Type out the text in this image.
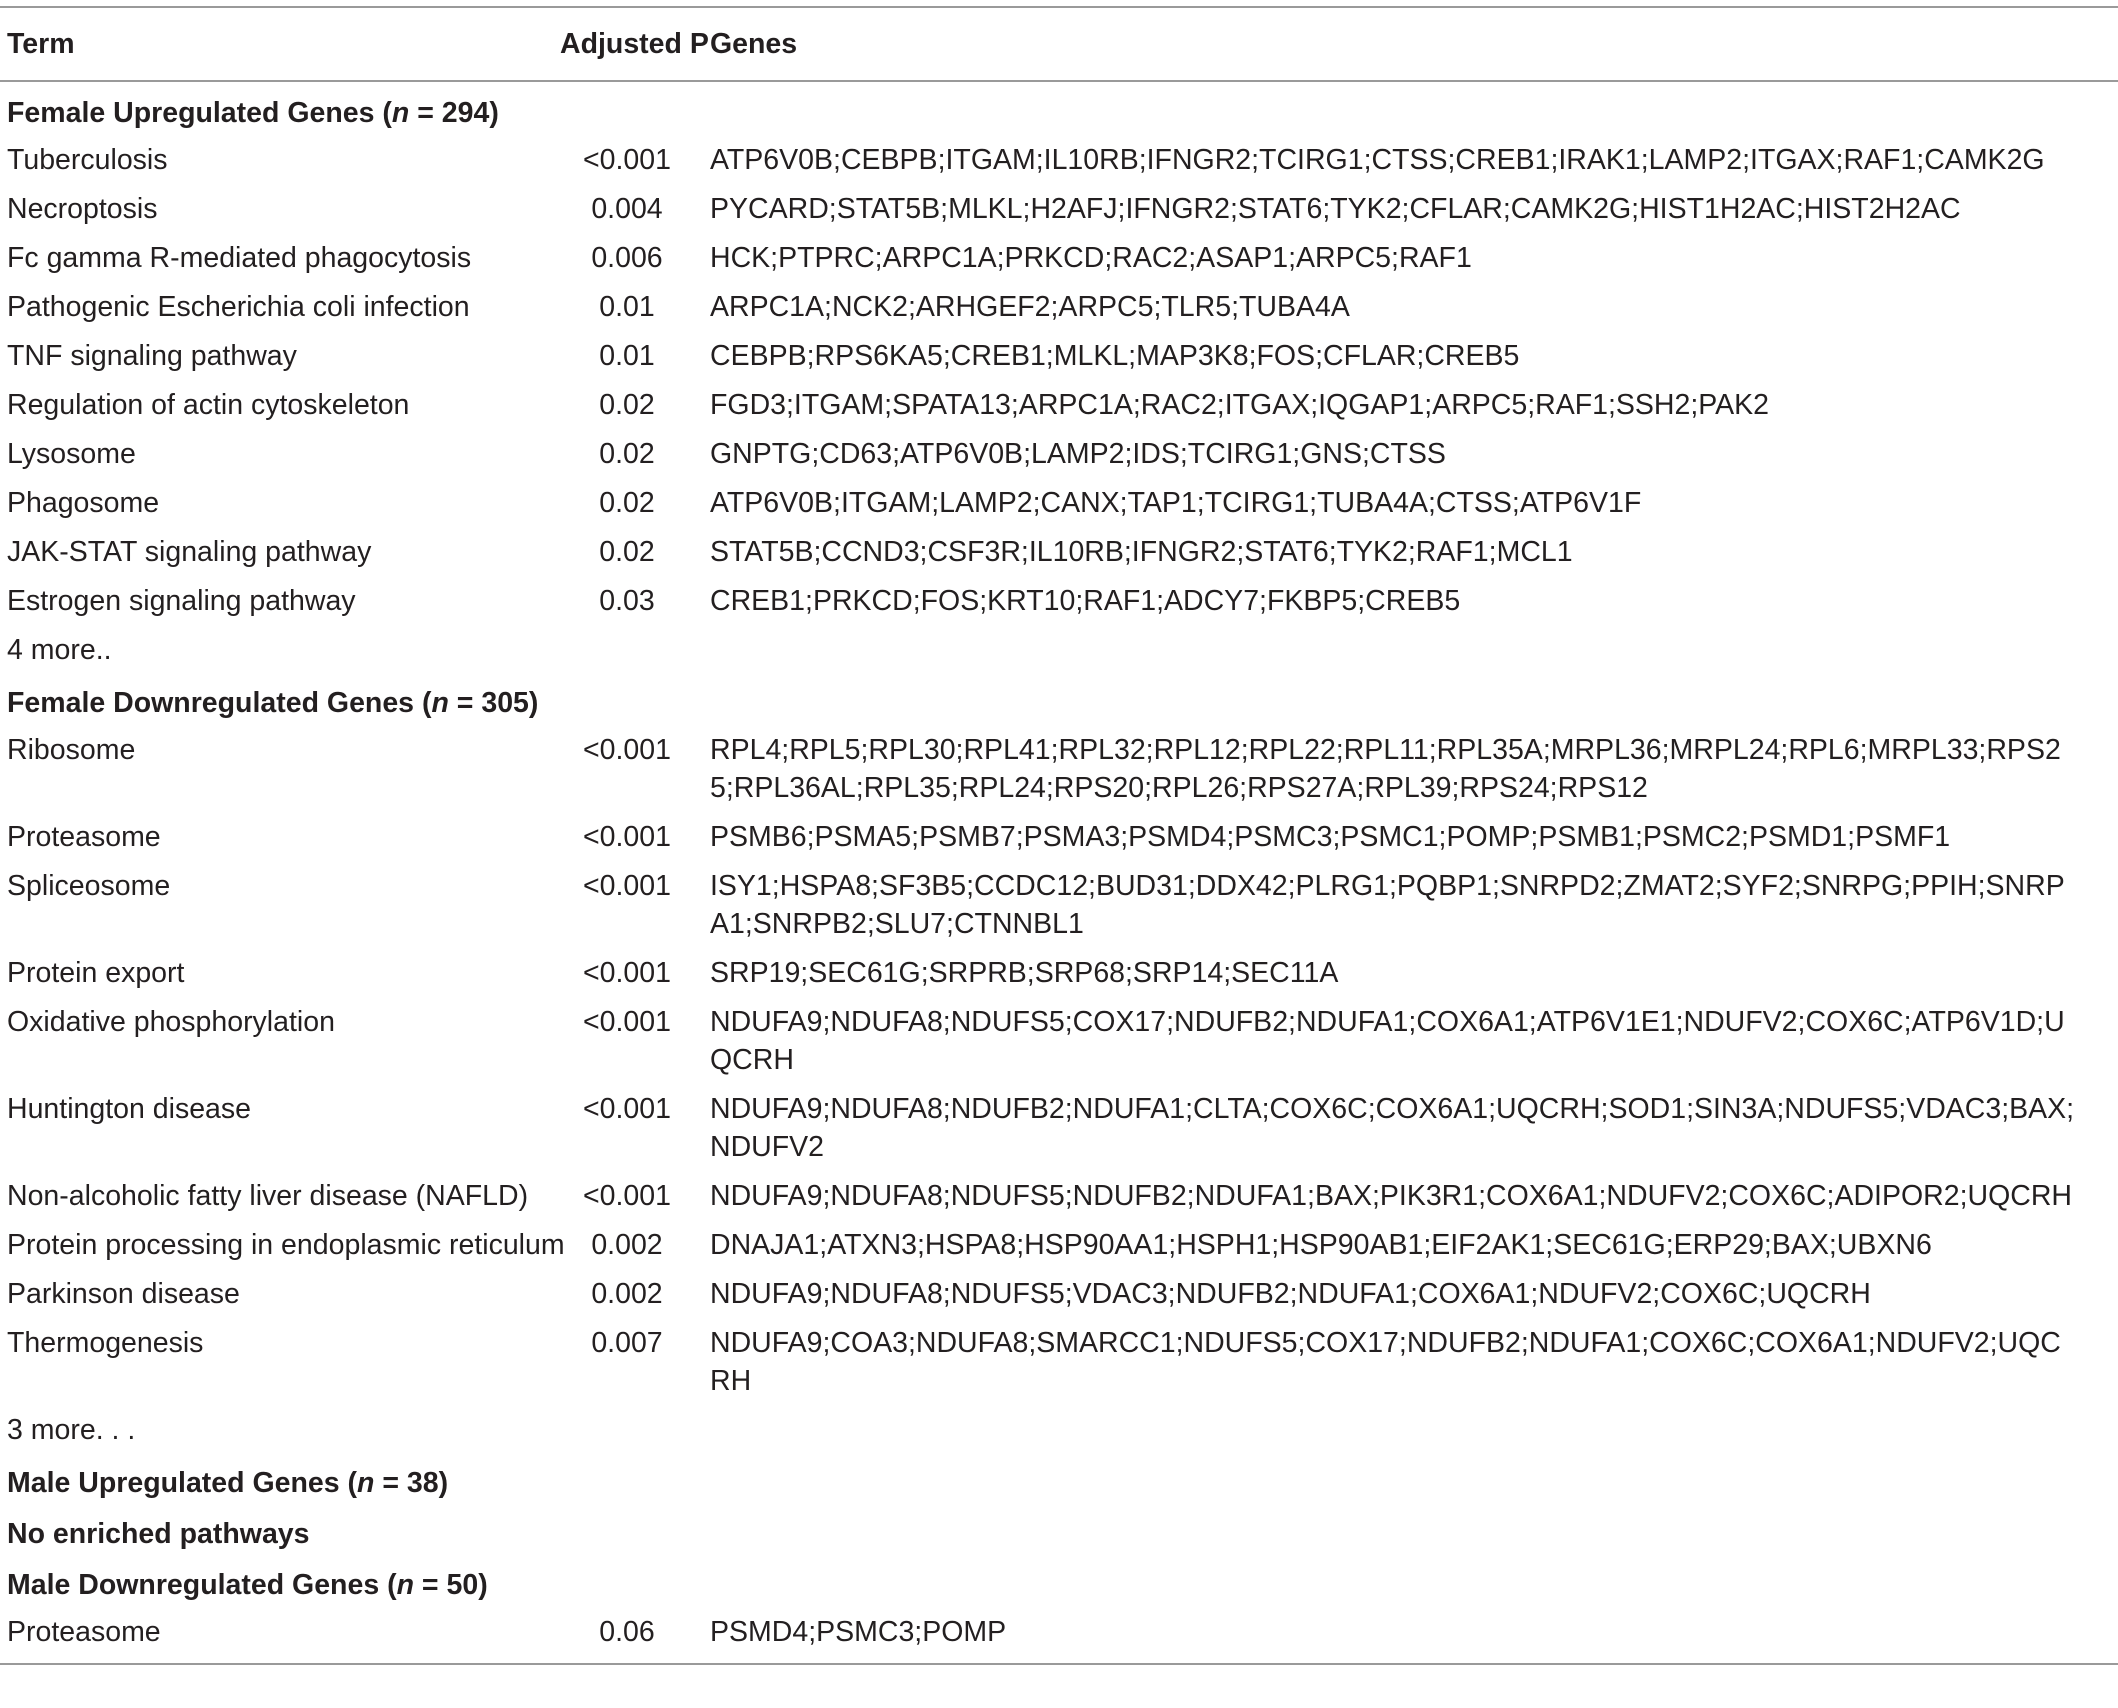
Term	Adjusted P	Genes
Female Upregulated Genes (n = 294)		
Tuberculosis	<0.001	ATP6V0B;CEBPB;ITGAM;IL10RB;IFNGR2;TCIRG1;CTSS;CREB1;IRAK1;LAMP2;ITGAX;RAF1;CAMK2G
Necroptosis	0.004	PYCARD;STAT5B;MLKL;H2AFJ;IFNGR2;STAT6;TYK2;CFLAR;CAMK2G;HIST1H2AC;HIST2H2AC
Fc gamma R-mediated phagocytosis	0.006	HCK;PTPRC;ARPC1A;PRKCD;RAC2;ASAP1;ARPC5;RAF1
Pathogenic Escherichia coli infection	0.01	ARPC1A;NCK2;ARHGEF2;ARPC5;TLR5;TUBA4A
TNF signaling pathway	0.01	CEBPB;RPS6KA5;CREB1;MLKL;MAP3K8;FOS;CFLAR;CREB5
Regulation of actin cytoskeleton	0.02	FGD3;ITGAM;SPATA13;ARPC1A;RAC2;ITGAX;IQGAP1;ARPC5;RAF1;SSH2;PAK2
Lysosome	0.02	GNPTG;CD63;ATP6V0B;LAMP2;IDS;TCIRG1;GNS;CTSS
Phagosome	0.02	ATP6V0B;ITGAM;LAMP2;CANX;TAP1;TCIRG1;TUBA4A;CTSS;ATP6V1F
JAK-STAT signaling pathway	0.02	STAT5B;CCND3;CSF3R;IL10RB;IFNGR2;STAT6;TYK2;RAF1;MCL1
Estrogen signaling pathway	0.03	CREB1;PRKCD;FOS;KRT10;RAF1;ADCY7;FKBP5;CREB5
4 more..		
Female Downregulated Genes (n = 305)		
Ribosome	<0.001	RPL4;RPL5;RPL30;RPL41;RPL32;RPL12;RPL22;RPL11;RPL35A;MRPL36;MRPL24;RPL6;MRPL33;RPS25;RPL36AL;RPL35;RPL24;RPS20;RPL26;RPS27A;RPL39;RPS24;RPS12
Proteasome	<0.001	PSMB6;PSMA5;PSMB7;PSMA3;PSMD4;PSMC3;PSMC1;POMP;PSMB1;PSMC2;PSMD1;PSMF1
Spliceosome	<0.001	ISY1;HSPA8;SF3B5;CCDC12;BUD31;DDX42;PLRG1;PQBP1;SNRPD2;ZMAT2;SYF2;SNRPG;PPIH;SNRPA1;SNRPB2;SLU7;CTNNBL1
Protein export	<0.001	SRP19;SEC61G;SRPRB;SRP68;SRP14;SEC11A
Oxidative phosphorylation	<0.001	NDUFA9;NDUFA8;NDUFS5;COX17;NDUFB2;NDUFA1;COX6A1;ATP6V1E1;NDUFV2;COX6C;ATP6V1D;UQCRH
Huntington disease	<0.001	NDUFA9;NDUFA8;NDUFB2;NDUFA1;CLTA;COX6C;COX6A1;UQCRH;SOD1;SIN3A;NDUFS5;VDAC3;BAX;NDUFV2
Non-alcoholic fatty liver disease (NAFLD)	<0.001	NDUFA9;NDUFA8;NDUFS5;NDUFB2;NDUFA1;BAX;PIK3R1;COX6A1;NDUFV2;COX6C;ADIPOR2;UQCRH
Protein processing in endoplasmic reticulum	0.002	DNAJA1;ATXN3;HSPA8;HSP90AA1;HSPH1;HSP90AB1;EIF2AK1;SEC61G;ERP29;BAX;UBXN6
Parkinson disease	0.002	NDUFA9;NDUFA8;NDUFS5;VDAC3;NDUFB2;NDUFA1;COX6A1;NDUFV2;COX6C;UQCRH
Thermogenesis	0.007	NDUFA9;COA3;NDUFA8;SMARCC1;NDUFS5;COX17;NDUFB2;NDUFA1;COX6C;COX6A1;NDUFV2;UQCRH
3 more. . .		
Male Upregulated Genes (n = 38)		
No enriched pathways		
Male Downregulated Genes (n = 50)		
Proteasome	0.06	PSMD4;PSMC3;POMP
